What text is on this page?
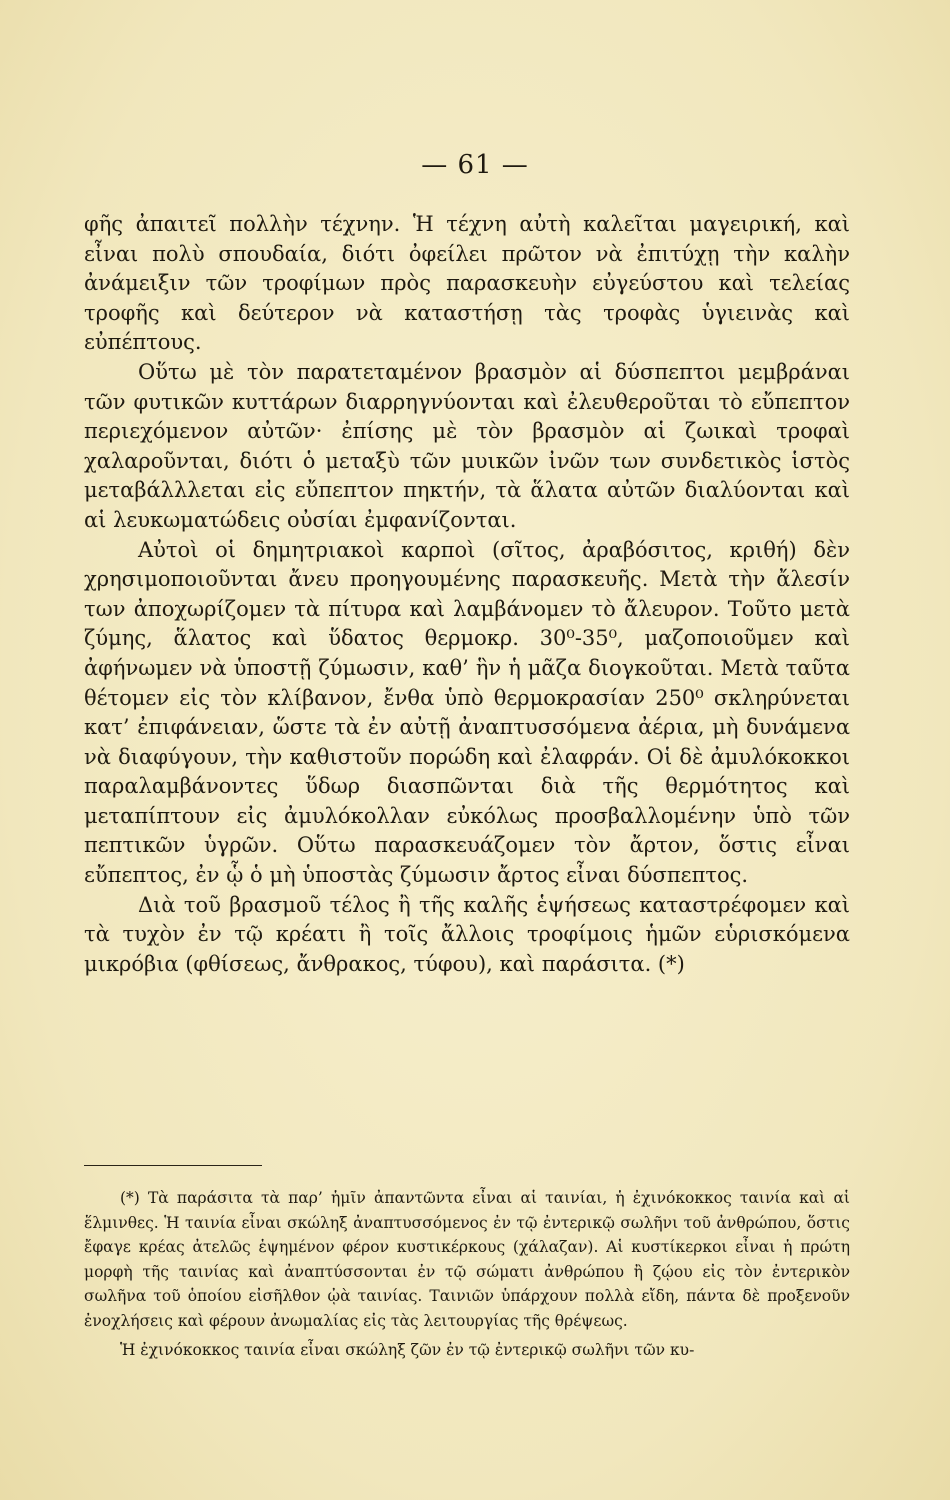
— 61 —

φῆς ἀπαιτεῖ πολλὴν τέχνην. Ἡ τέχνη αὐτὴ καλεῖται μαγειρική, καὶ εἶναι πολὺ σπουδαία, διότι ὀφείλει πρῶτον νὰ ἐπιτύχῃ τὴν καλὴν ἀνάμειξιν τῶν τροφίμων πρὸς παρασκευὴν εὐγεύστου καὶ τελείας τροφῆς καὶ δεύτερον νὰ καταστήσῃ τὰς τροφὰς ὑγιεινὰς καὶ εὐπέπτους.

Οὕτω μὲ τὸν παρατεταμένον βρασμὸν αἱ δύσπεπτοι μεμβράναι τῶν φυτικῶν κυττάρων διαρρηγνύονται καὶ ἐλευθεροῦται τὸ εὔπεπτον περιεχόμενον αὐτῶν· ἐπίσης μὲ τὸν βρασμὸν αἱ ζωικαὶ τροφαὶ χαλαροῦνται, διότι ὁ μεταξὺ τῶν μυικῶν ἰνῶν των συνδετικὸς ἱστὸς μεταβάλλλεται εἰς εὔπεπτον πηκτήν, τὰ ἅλατα αὐτῶν διαλύονται καὶ αἱ λευκωματώδεις οὐσίαι ἐμφανίζονται.

Αὐτοὶ οἱ δημητριακοὶ καρποὶ (σῖτος, ἀραβόσιτος, κριθή) δὲν χρησιμοποιοῦνται ἄνευ προηγουμένης παρασκευῆς. Μετὰ τὴν ἄλεσίν των ἀποχωρίζομεν τὰ πίτυρα καὶ λαμβάνομεν τὸ ἄλευρον. Τοῦτο μετὰ ζύμης, ἅλατος καὶ ὕδατος θερμοκρ. 30⁰-35⁰, μαζοποιοῦμεν καὶ ἀφήνωμεν νὰ ὑποστῇ ζύμωσιν, καθ’ ἣν ἡ μᾶζα διογκοῦται. Μετὰ ταῦτα θέτομεν εἰς τὸν κλίβανον, ἔνθα ὑπὸ θερμοκρασίαν 250⁰ σκληρύνεται κατ’ ἐπιφάνειαν, ὥστε τὰ ἐν αὐτῇ ἀναπτυσσόμενα ἀέρια, μὴ δυνάμενα νὰ διαφύγουν, τὴν καθιστοῦν πορώδη καὶ ἐλαφράν. Οἱ δὲ ἀμυλόκοκκοι παραλαμβάνοντες ὕδωρ διασπῶνται διὰ τῆς θερμότητος καὶ μεταπίπτουν εἰς ἀμυλόκολλαν εὐκόλως προσβαλλομένην ὑπὸ τῶν πεπτικῶν ὑγρῶν. Οὕτω παρασκευάζομεν τὸν ἄρτον, ὅστις εἶναι εὔπεπτος, ἐν ᾧ ὁ μὴ ὑποστὰς ζύμωσιν ἄρτος εἶναι δύσπεπτος.

Διὰ τοῦ βρασμοῦ τέλος ἢ τῆς καλῆς ἑψήσεως καταστρέφομεν καὶ τὰ τυχὸν ἐν τῷ κρέατι ἢ τοῖς ἄλλοις τροφίμοις ἡμῶν εὑρισκόμενα μικρόβια (φθίσεως, ἄνθρακος, τύφου), καὶ παράσιτα. (*)

(*) Τὰ παράσιτα τὰ παρ’ ἡμῖν ἀπαντῶντα εἶναι αἱ ταινίαι, ἡ ἐχινόκοκκος ταινία καὶ αἱ ἕλμινθες. Ἡ ταινία εἶναι σκώληξ ἀναπτυσσόμενος ἐν τῷ ἐντερικῷ σωλῆνι τοῦ ἀνθρώπου, ὅστις ἔφαγε κρέας ἀτελῶς ἑψημένον φέρον κυστικέρκους (χάλαζαν). Αἱ κυστίκερκοι εἶναι ἡ πρώτη μορφὴ τῆς ταινίας καὶ ἀναπτύσσονται ἐν τῷ σώματι ἀνθρώπου ἢ ζῴου εἰς τὸν ἐντερικὸν σωλῆνα τοῦ ὁποίου εἰσῆλθον ᾠὰ ταινίας. Ταινιῶν ὑπάρχουν πολλὰ εἴδη, πάντα δὲ προξενοῦν ἐνοχλήσεις καὶ φέρουν ἀνωμαλίας εἰς τὰς λειτουργίας τῆς θρέψεως.

Ἡ ἐχινόκοκκος ταινία εἶναι σκώληξ ζῶν ἐν τῷ ἐντερικῷ σωλῆνι τῶν κυ-
